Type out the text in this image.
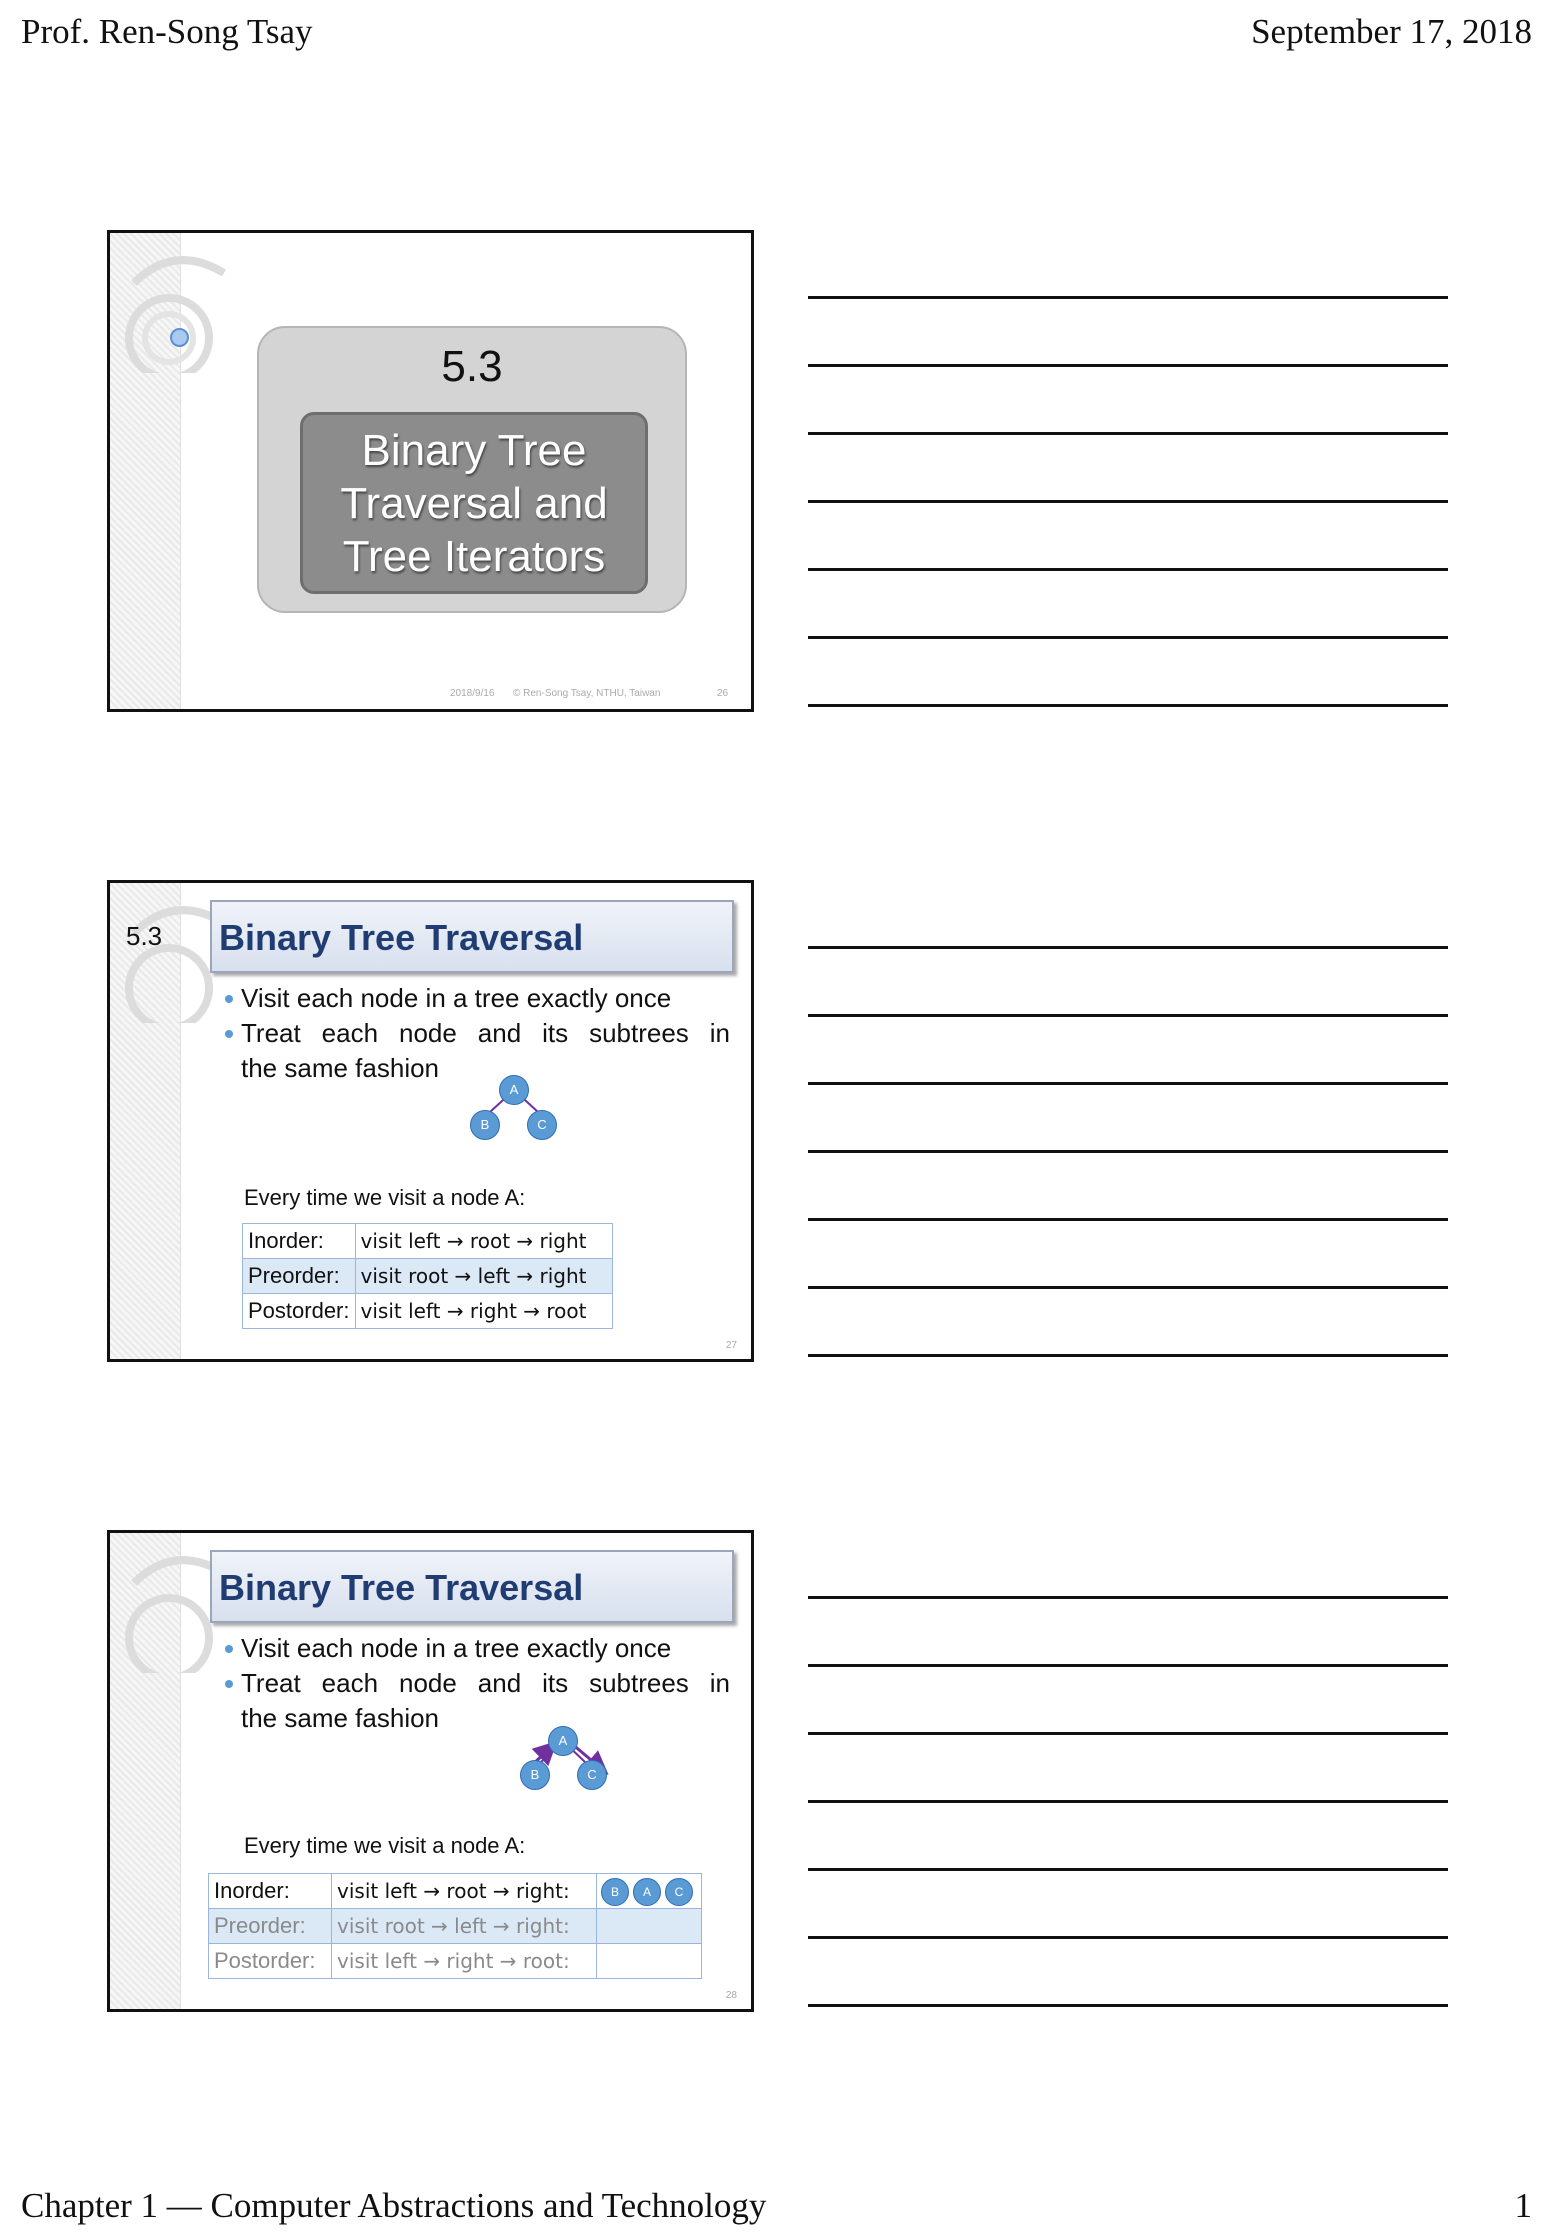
Prof. Ren-Song Tsay	September 17, 2018
5.3
Binary Tree
Traversal and
Tree Iterators
2018/9/16 © Ren-Song Tsay, NTHU, Taiwan	26
5.3 Binary Tree Traversal
Visit each node in a tree exactly once
Treat each node and its subtrees in
the same fashion
A
B	C
Every time we visit a node A:
Inorder:	visit left → root → right
Preorder:	visit root → left → right
Postorder:	visit left → right → root
27
Binary Tree Traversal
Visit each node in a tree exactly once
Treat each node and its subtrees in
the same fashion
A
B	C
Every time we visit a node A:
Inorder:	visit left → root → right:	B A C
Preorder:	visit root → left → right:	
Postorder:	visit left → right → root:	
28
Chapter 1 — Computer Abstractions and Technology	1
